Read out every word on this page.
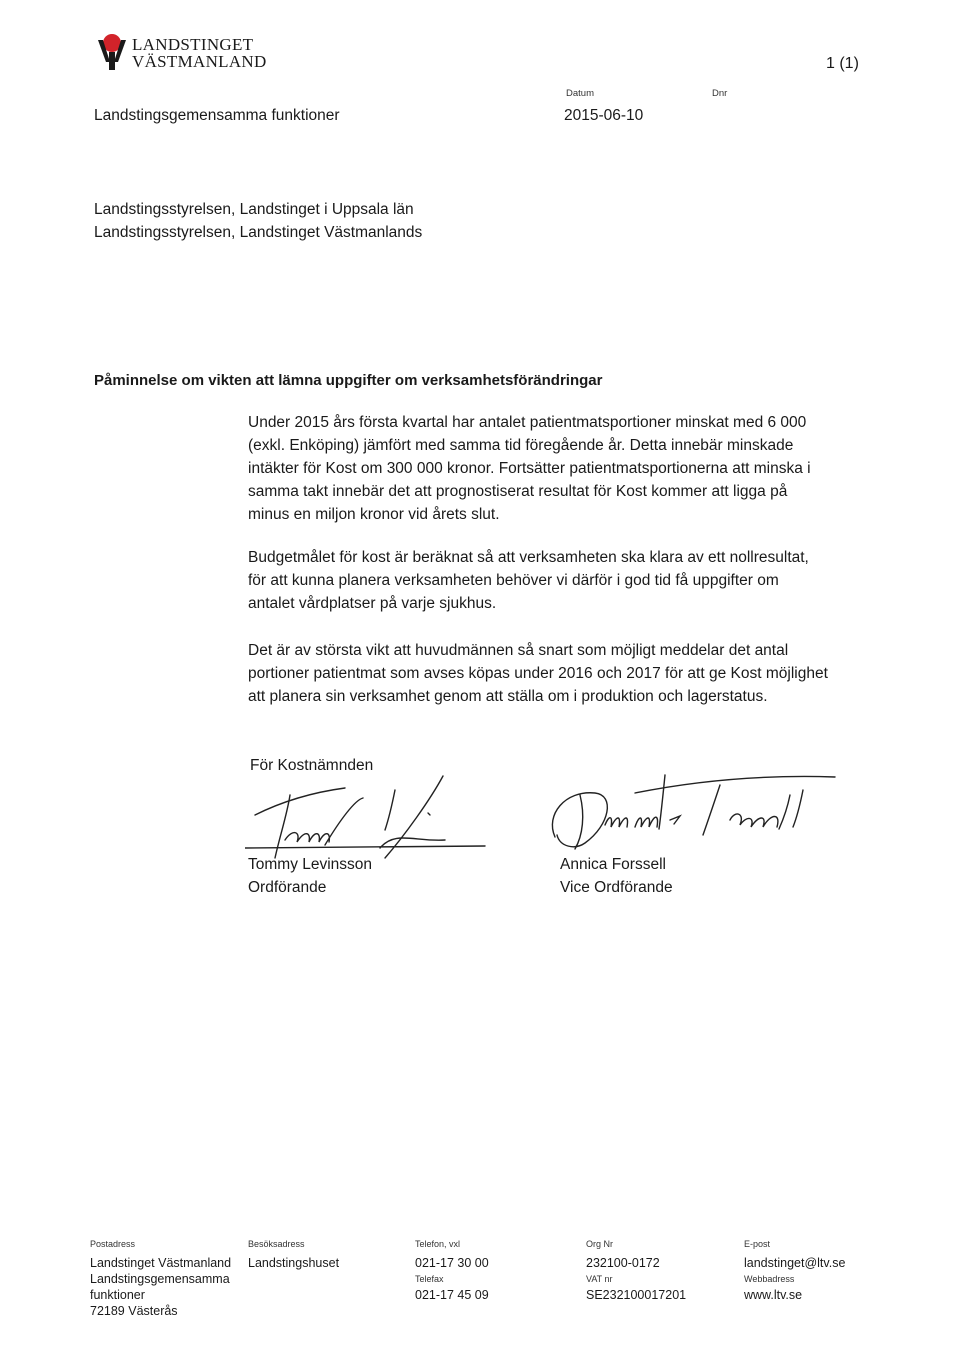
LANDSTINGET
VÄSTMANLAND	1 (1)
Datum	Dnr
Landstingsgemensamma funktioner	2015-06-10
Landstingsstyrelsen, Landstinget i Uppsala län
Landstingsstyrelsen, Landstinget Västmanlands
Påminnelse om vikten att lämna uppgifter om verksamhetsförändringar
Under 2015 års första kvartal har antalet patientmatsportioner minskat med 6 000
(exkl. Enköping) jämfört med samma tid föregående år. Detta innebär minskade
intäkter för Kost om 300 000 kronor. Fortsätter patientmatsportionerna att minska i
samma takt innebär det att prognostiserat resultat för Kost kommer att ligga på
minus en miljon kronor vid årets slut.
Budgetmålet för kost är beräknat så att verksamheten ska klara av ett nollresultat,
för att kunna planera verksamheten behöver vi därför i god tid få uppgifter om
antalet vårdplatser på varje sjukhus.
Det är av största vikt att huvudmännen så snart som möjligt meddelar det antal
portioner patientmat som avses köpas under 2016 och 2017 för att ge Kost möjlighet
att planera sin verksamhet genom att ställa om i produktion och lagerstatus.
För Kostnämnden
Tommy Levinsson
Ordförande
Annica Forssell
Vice Ordförande
Postadress
Landstinget Västmanland
Landstingsgemensamma
funktioner
72189 Västerås
Besöksadress
Landstingshuset
Telefon, vxl
021-17 30 00
Telefax
021-17 45 09
Org Nr
232100-0172
VAT nr
SE232100017201
E-post
landstinget@ltv.se
Webbadress
www.ltv.se
